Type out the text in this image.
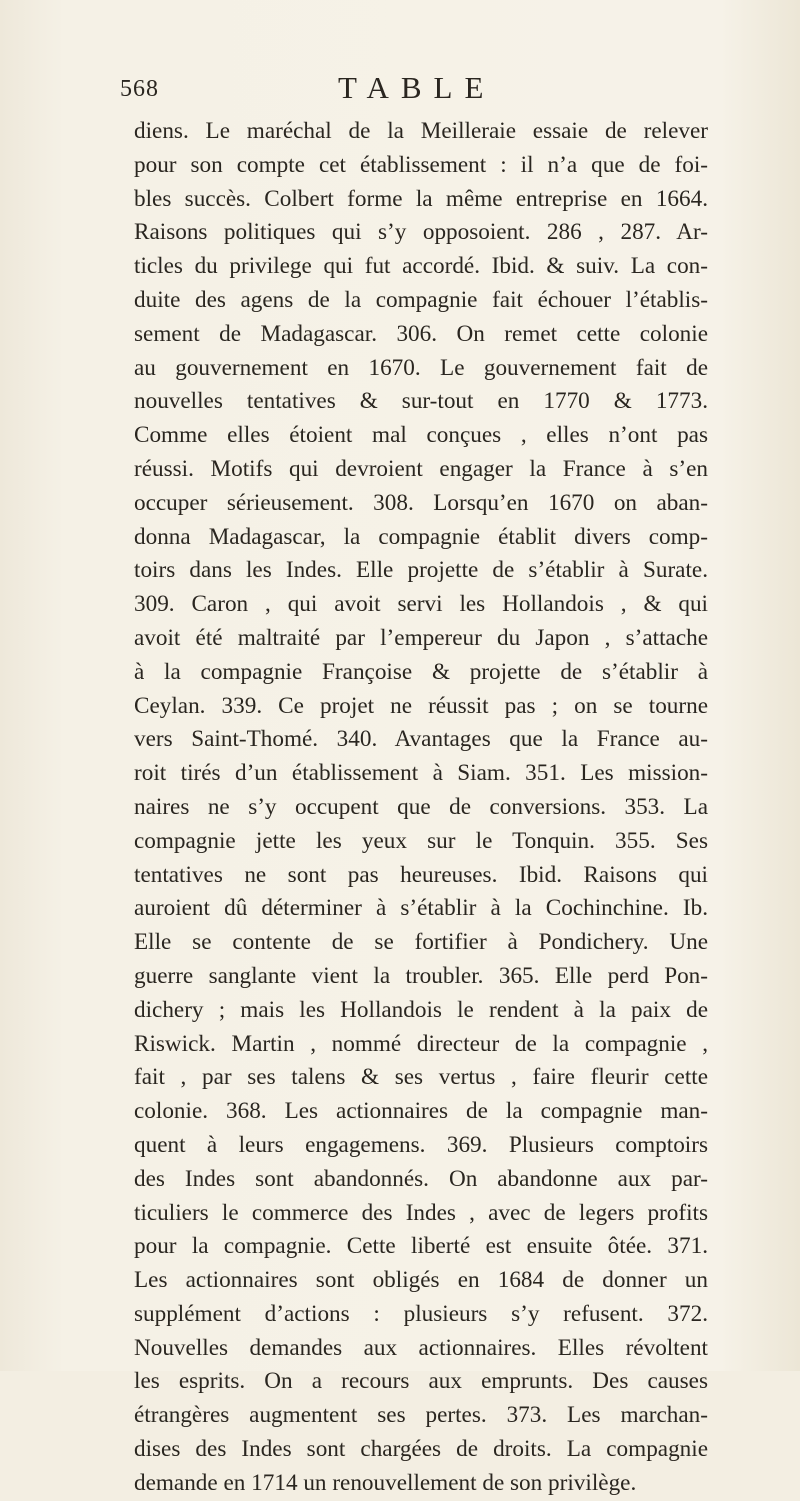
568	TABLE
diens. Le maréchal de la Meilleraie essaie de relever
pour son compte cet établissement : il n’a que de foi-
bles succès. Colbert forme la même entreprise en 1664.
Raisons politiques qui s’y opposoient. 286 , 287. Ar-
ticles du privilege qui fut accordé. Ibid. & suiv. La con-
duite des agens de la compagnie fait échouer l’établis-
sement de Madagascar. 306. On remet cette colonie
au gouvernement en 1670. Le gouvernement fait de
nouvelles tentatives & sur-tout en 1770 & 1773.
Comme elles étoient mal conçues , elles n’ont pas
réussi. Motifs qui devroient engager la France à s’en
occuper sérieusement. 308. Lorsqu’en 1670 on aban-
donna Madagascar, la compagnie établit divers comp-
toirs dans les Indes. Elle projette de s’établir à Surate.
309. Caron , qui avoit servi les Hollandois , & qui
avoit été maltraité par l’empereur du Japon , s’attache
à la compagnie Françoise & projette de s’établir à
Ceylan. 339. Ce projet ne réussit pas ; on se tourne
vers Saint-Thomé. 340. Avantages que la France au-
roit tirés d’un établissement à Siam. 351. Les mission-
naires ne s’y occupent que de conversions. 353. La
compagnie jette les yeux sur le Tonquin. 355. Ses
tentatives ne sont pas heureuses. Ibid. Raisons qui
auroient dû déterminer à s’établir à la Cochinchine. Ib.
Elle se contente de se fortifier à Pondichery. Une
guerre sanglante vient la troubler. 365. Elle perd Pon-
dichery ; mais les Hollandois le rendent à la paix de
Riswick. Martin , nommé directeur de la compagnie ,
fait , par ses talens & ses vertus , faire fleurir cette
colonie. 368. Les actionnaires de la compagnie man-
quent à leurs engagemens. 369. Plusieurs comptoirs
des Indes sont abandonnés. On abandonne aux par-
ticuliers le commerce des Indes , avec de legers profits
pour la compagnie. Cette liberté est ensuite ôtée. 371.
Les actionnaires sont obligés en 1684 de donner un
supplément d’actions : plusieurs s’y refusent. 372.
Nouvelles demandes aux actionnaires. Elles révoltent
les esprits. On a recours aux emprunts. Des causes
étrangères augmentent ses pertes. 373. Les marchan-
dises des Indes sont chargées de droits. La compagnie
demande en 1714 un renouvellement de son privilège.
